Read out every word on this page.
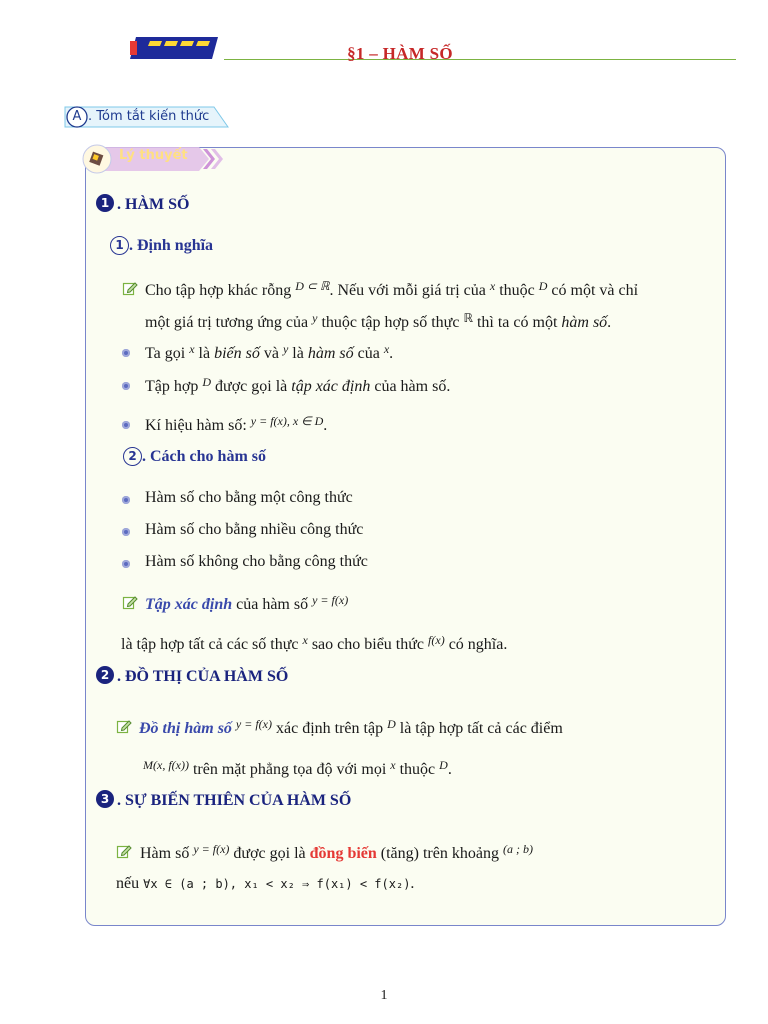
§1 – HÀM SỐ
A . Tóm tắt kiến thức
Lý thuyết
1 . HÀM SỐ
1 . Định nghĩa
Cho tập hợp khác rỗng $^{D \subset ℝ}$. Nếu với mỗi giá trị của $^x$ thuộc $^D$ có một và chỉ
một giá trị tương ứng của $^y$ thuộc tập hợp số thực $^ℝ$ thì ta có một hàm số.
Ta gọi $^x$ là biến số và $^y$ là hàm số của $^x$.
Tập hợp $^D$ được gọi là tập xác định của hàm số.
Kí hiệu hàm số: $^{y = f(x), x \in D}$.
2 . Cách cho hàm số
Hàm số cho bằng một công thức
Hàm số cho bằng nhiều công thức
Hàm số không cho bằng công thức
Tập xác định của hàm số $^{y = f(x)}$
là tập hợp tất cả các số thực $^x$ sao cho biểu thức $^{f(x)}$ có nghĩa.
2 . ĐỒ THỊ CỦA HÀM SỐ
Đồ thị hàm số $^{y = f(x)}$ xác định trên tập $^D$ là tập hợp tất cả các điểm
$^{M(x, f(x))}$ trên mặt phẳng tọa độ với mọi $^x$ thuộc $^D$.
3 . SỰ BIẾN THIÊN CỦA HÀM SỐ
Hàm số $^{y = f(x)}$ được gọi là đồng biến (tăng) trên khoảng $^{(a ; b)}$
nếu ∀x ∈ (a ; b), x₁ < x₂ ⇒ f(x₁) < f(x₂).
1
